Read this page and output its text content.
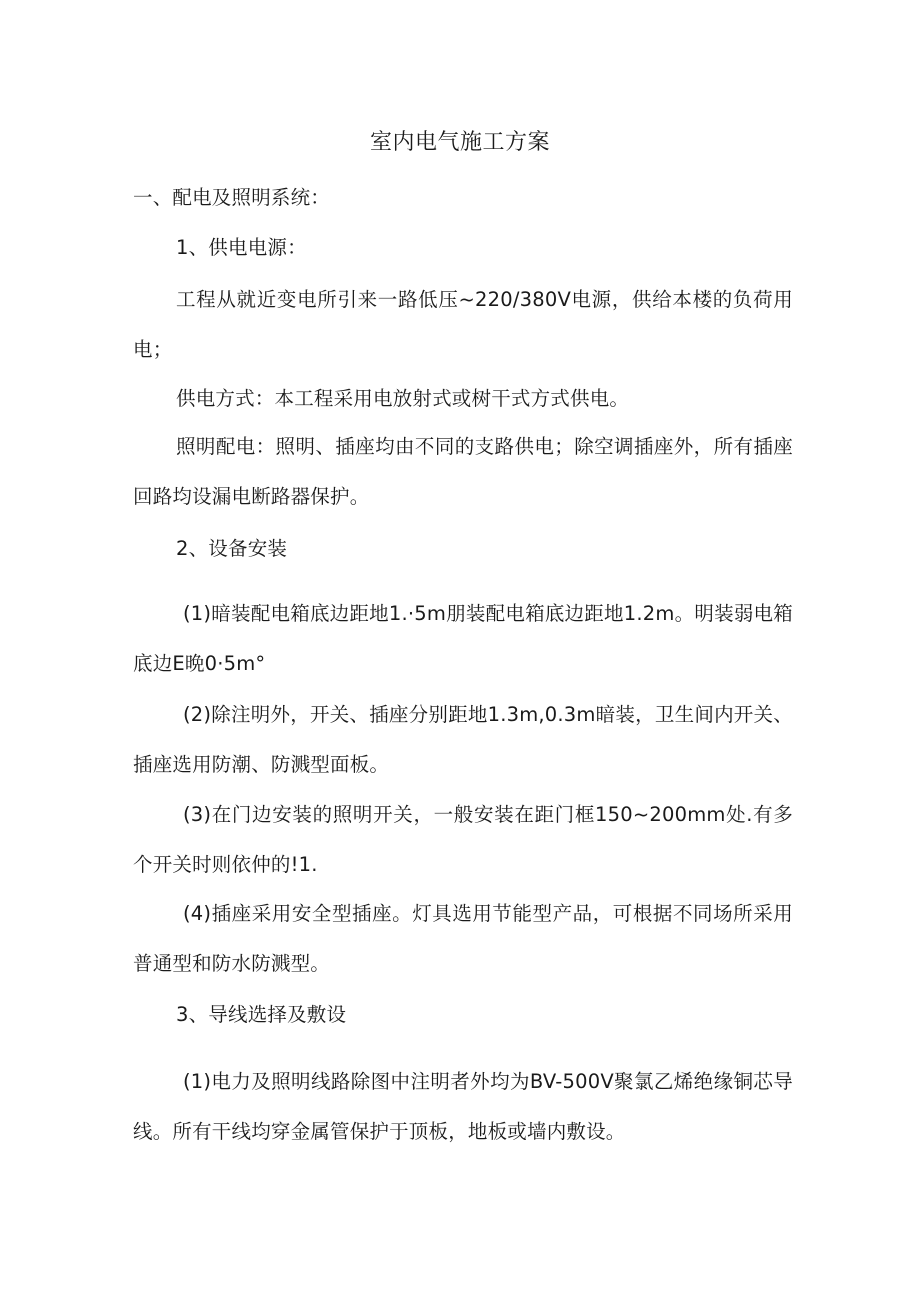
室内电气施工方案
一、配电及照明系统：
1、供电电源：
工程从就近变电所引来一路低压~220/380V电源，供给本楼的负荷用电；
供电方式：本工程采用电放射式或树干式方式供电。
照明配电：照明、插座均由不同的支路供电；除空调插座外，所有插座回路均设漏电断路器保护。
2、设备安装
(1)暗装配电箱底边距地1.·5m朋装配电箱底边距地1.2m。明装弱电箱底边E晩0·5m°
(2)除注明外，开关、插座分别距地1.3m,0.3m暗装，卫生间内开关、插座选用防潮、防溅型面板。
(3)在门边安装的照明开关，一般安装在距门框150~200mm处.有多个开关时则依仲的!1.
(4)插座采用安全型插座。灯具选用节能型产品，可根据不同场所采用普通型和防水防溅型。
3、导线选择及敷设
(1)电力及照明线路除图中注明者外均为BV-500V聚氯乙烯绝缘铜芯导线。所有干线均穿金属管保护于顶板，地板或墙内敷设。
